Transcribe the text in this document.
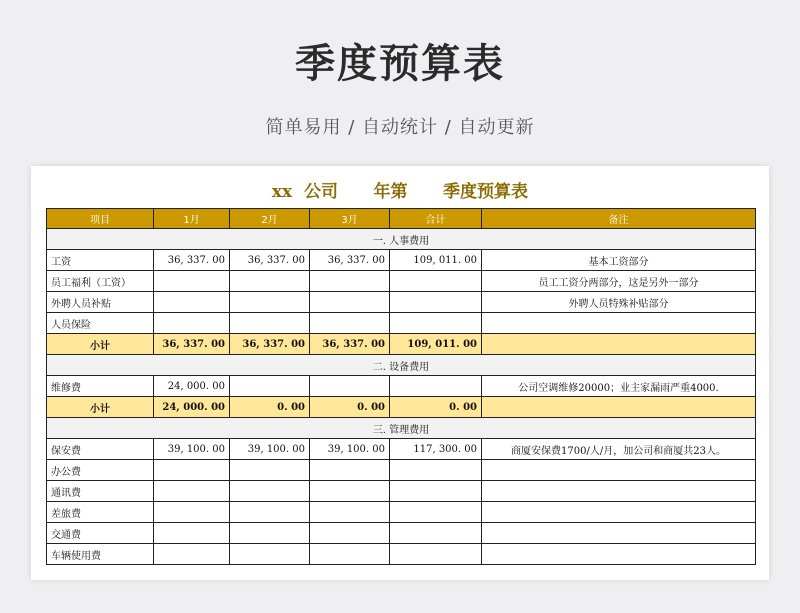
季度预算表
简单易用 / 自动统计 / 自动更新
xx  公司      年第      季度预算表
项目	1月	2月	3月	合计	备注
一. 人事费用					
工资	36, 337. 00	36, 337. 00	36, 337. 00	109, 011. 00	基本工资部分
员工福利（工资）					员工工资分两部分，这是另外一部分
外聘人员补贴					外聘人员特殊补贴部分
人员保险					
小计	36, 337. 00	36, 337. 00	36, 337. 00	109, 011. 00	
二. 设备费用					
维修费	24, 000. 00				公司空调维修20000；业主家漏雨严重4000.
小计	24, 000. 00	0. 00	0. 00	0. 00	
三. 管理费用					
保安费	39, 100. 00	39, 100. 00	39, 100. 00	117, 300. 00	商厦安保费1700/人/月，加公司和商厦共23人。
办公费					
通讯费					
差旅费					
交通费					
车辆使用费					
